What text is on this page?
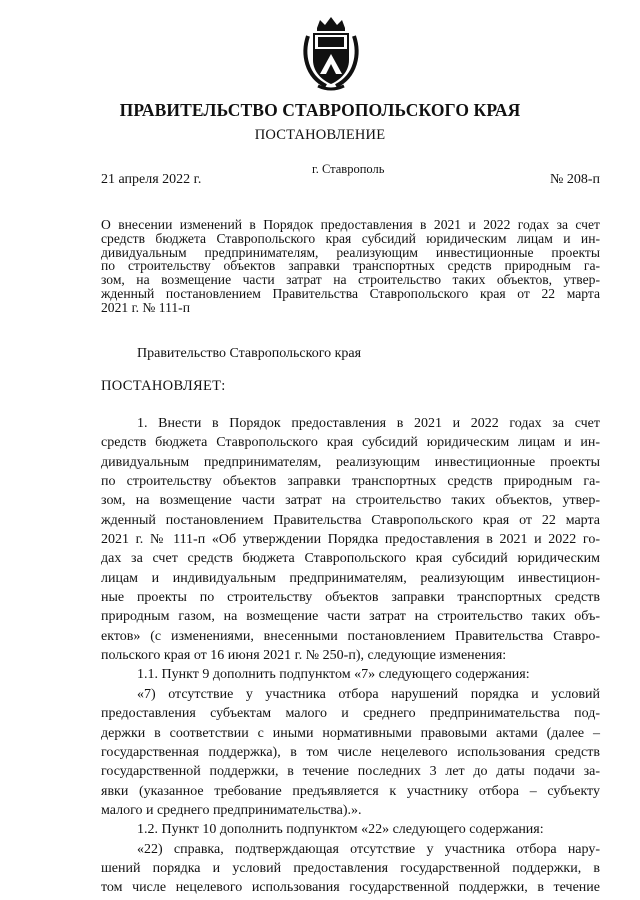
ПРАВИТЕЛЬСТВО СТАВРОПОЛЬСКОГО КРАЯ

ПОСТАНОВЛЕНИЕ

21 апреля 2022 г.
г. Ставрополь
№ 208-п

О внесении изменений в Порядок предоставления в 2021 и 2022 годах за счет
средств бюджета Ставропольского края субсидий юридическим лицам и ин-
дивидуальным предпринимателям, реализующим инвестиционные проекты
по строительству объектов заправки транспортных средств природным га-
зом, на возмещение части затрат на строительство таких объектов, утвер-
жденный постановлением Правительства Ставропольского края от 22 марта
2021 г. № 111-п

Правительство Ставропольского края

ПОСТАНОВЛЯЕТ:

1. Внести в Порядок предоставления в 2021 и 2022 годах за счет
средств бюджета Ставропольского края субсидий юридическим лицам и ин-
дивидуальным предпринимателям, реализующим инвестиционные проекты
по строительству объектов заправки транспортных средств природным га-
зом, на возмещение части затрат на строительство таких объектов, утвер-
жденный постановлением Правительства Ставропольского края от 22 марта
2021 г. № 111-п «Об утверждении Порядка предоставления в 2021 и 2022 го-
дах за счет средств бюджета Ставропольского края субсидий юридическим
лицам и индивидуальным предпринимателям, реализующим инвестицион-
ные проекты по строительству объектов заправки транспортных средств
природным газом, на возмещение части затрат на строительство таких объ-
ектов» (с изменениями, внесенными постановлением Правительства Ставро-
польского края от 16 июня 2021 г. № 250-п), следующие изменения:
1.1. Пункт 9 дополнить подпунктом «7» следующего содержания:
«7) отсутствие у участника отбора нарушений порядка и условий
предоставления субъектам малого и среднего предпринимательства под-
держки в соответствии с иными нормативными правовыми актами (далее –
государственная поддержка), в том числе нецелевого использования средств
государственной поддержки, в течение последних 3 лет до даты подачи за-
явки (указанное требование предъявляется к участнику отбора – субъекту
малого и среднего предпринимательства).».
1.2. Пункт 10 дополнить подпунктом «22» следующего содержания:
«22) справка, подтверждающая отсутствие у участника отбора нару-
шений порядка и условий предоставления государственной поддержки, в
том числе нецелевого использования государственной поддержки, в течение
